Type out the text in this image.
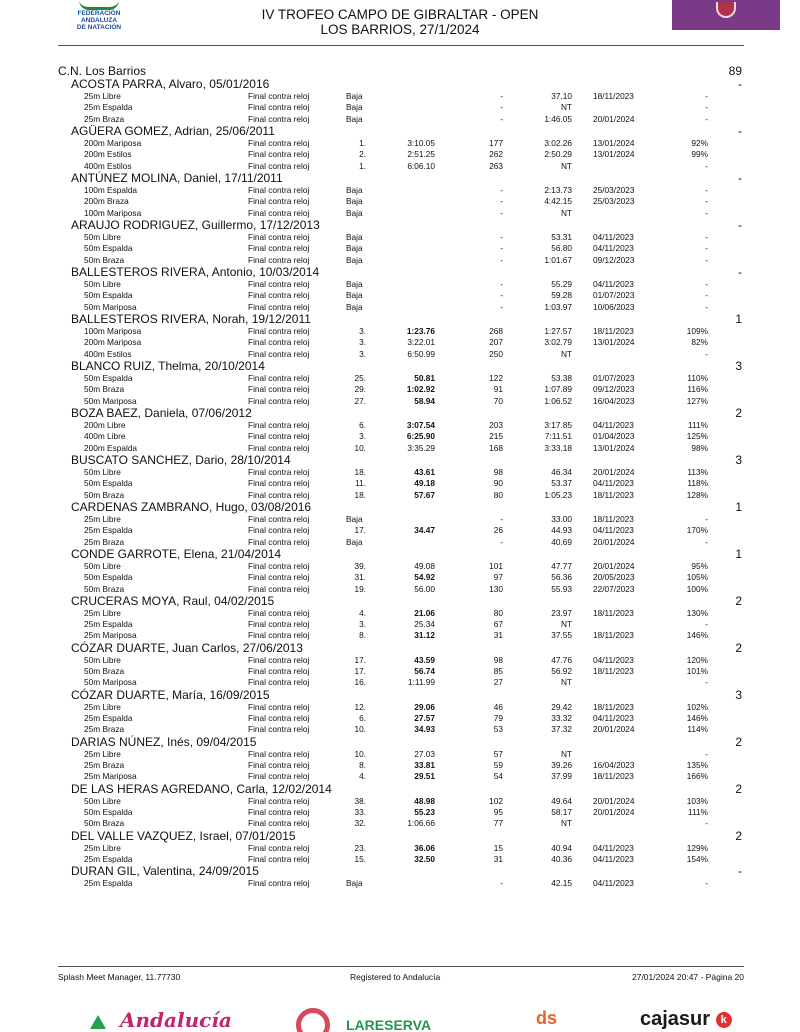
FEDERACIÓN
ANDALUZA
DE NATACIÓN
IV TROFEO CAMPO DE GIBRALTAR - OPEN
LOS BARRIOS, 27/1/2024
C.N. Los Barrios	89
ACOSTA PARRA, Alvaro, 05/01/2016	-
25m Libre	Final contra reloj	Baja	-	37.10	18/11/2023	-
25m Espalda	Final contra reloj	Baja	-	NT	-
25m Braza	Final contra reloj	Baja	-	1:46.05	20/01/2024	-
AGÜERA GOMEZ, Adrian, 25/06/2011	-
200m Mariposa	Final contra reloj	1.	3:10.05	177	3:02.26	13/01/2024	92%
200m Estilos	Final contra reloj	2.	2:51.25	262	2:50.29	13/01/2024	99%
400m Estilos	Final contra reloj	1.	6:06.10	263	NT	-
ANTÚNEZ MOLINA, Daniel, 17/11/2011	-
100m Espalda	Final contra reloj	Baja	-	2:13.73	25/03/2023	-
200m Braza	Final contra reloj	Baja	-	4:42.15	25/03/2023	-
100m Mariposa	Final contra reloj	Baja	-	NT	-
ARAUJO RODRIGUEZ, Guillermo, 17/12/2013	-
50m Libre	Final contra reloj	Baja	-	53.31	04/11/2023	-
50m Espalda	Final contra reloj	Baja	-	56.80	04/11/2023	-
50m Braza	Final contra reloj	Baja	-	1:01.67	09/12/2023	-
BALLESTEROS RIVERA, Antonio, 10/03/2014	-
50m Libre	Final contra reloj	Baja	-	55.29	04/11/2023	-
50m Espalda	Final contra reloj	Baja	-	59.28	01/07/2023	-
50m Mariposa	Final contra reloj	Baja	-	1:03.97	10/06/2023	-
BALLESTEROS RIVERA, Norah, 19/12/2011	1
100m Mariposa	Final contra reloj	3.	1:23.76	268	1:27.57	18/11/2023	109%
200m Mariposa	Final contra reloj	3.	3:22.01	207	3:02.79	13/01/2024	82%
400m Estilos	Final contra reloj	3.	6:50.99	250	NT	-
BLANCO RUIZ, Thelma, 20/10/2014	3
50m Espalda	Final contra reloj	25.	50.81	122	53.38	01/07/2023	110%
50m Braza	Final contra reloj	29.	1:02.92	91	1:07.89	09/12/2023	116%
50m Mariposa	Final contra reloj	27.	58.94	70	1:06.52	16/04/2023	127%
BOZA BAEZ, Daniela, 07/06/2012	2
200m Libre	Final contra reloj	6.	3:07.54	203	3:17.85	04/11/2023	111%
400m Libre	Final contra reloj	3.	6:25.90	215	7:11.51	01/04/2023	125%
200m Espalda	Final contra reloj	10.	3:35.29	168	3:33.18	13/01/2024	98%
BUSCATO SANCHEZ, Dario, 28/10/2014	3
50m Libre	Final contra reloj	18.	43.61	98	46.34	20/01/2024	113%
50m Espalda	Final contra reloj	11.	49.18	90	53.37	04/11/2023	118%
50m Braza	Final contra reloj	18.	57.67	80	1:05.23	18/11/2023	128%
CARDENAS ZAMBRANO, Hugo, 03/08/2016	1
25m Libre	Final contra reloj	Baja	-	33.00	18/11/2023	-
25m Espalda	Final contra reloj	17.	34.47	26	44.93	04/11/2023	170%
25m Braza	Final contra reloj	Baja	-	40.69	20/01/2024	-
CONDE GARROTE, Elena, 21/04/2014	1
50m Libre	Final contra reloj	39.	49.08	101	47.77	20/01/2024	95%
50m Espalda	Final contra reloj	31.	54.92	97	56.36	20/05/2023	105%
50m Braza	Final contra reloj	19.	56.00	130	55.93	22/07/2023	100%
CRUCERAS MOYA, Raul, 04/02/2015	2
25m Libre	Final contra reloj	4.	21.06	80	23.97	18/11/2023	130%
25m Espalda	Final contra reloj	3.	25.34	67	NT	-
25m Mariposa	Final contra reloj	8.	31.12	31	37.55	18/11/2023	146%
CÓZAR DUARTE, Juan Carlos, 27/06/2013	2
50m Libre	Final contra reloj	17.	43.59	98	47.76	04/11/2023	120%
50m Braza	Final contra reloj	17.	56.74	85	56.92	18/11/2023	101%
50m Mariposa	Final contra reloj	16.	1:11.99	27	NT	-
CÓZAR DUARTE, María, 16/09/2015	3
25m Libre	Final contra reloj	12.	29.06	46	29.42	18/11/2023	102%
25m Espalda	Final contra reloj	6.	27.57	79	33.32	04/11/2023	146%
25m Braza	Final contra reloj	10.	34.93	53	37.32	20/01/2024	114%
DARIAS NÚNEZ, Inés, 09/04/2015	2
25m Libre	Final contra reloj	10.	27.03	57	NT	-
25m Braza	Final contra reloj	8.	33.81	59	39.26	16/04/2023	135%
25m Mariposa	Final contra reloj	4.	29.51	54	37.99	18/11/2023	166%
DE LAS HERAS AGREDANO, Carla, 12/02/2014	2
50m Libre	Final contra reloj	38.	48.98	102	49.64	20/01/2024	103%
50m Espalda	Final contra reloj	33.	55.23	95	58.17	20/01/2024	111%
50m Braza	Final contra reloj	32.	1:06.66	77	NT	-
DEL VALLE VAZQUEZ, Israel, 07/01/2015	2
25m Libre	Final contra reloj	23.	36.06	15	40.94	04/11/2023	129%
25m Espalda	Final contra reloj	15.	32.50	31	40.36	04/11/2023	154%
DURAN GIL, Valentina, 24/09/2015	-
25m Espalda	Final contra reloj	Baja	-	42.15	04/11/2023	-
Splash Meet Manager, 11.77730	Registered to Andalucía	27/01/2024 20:47 - Página 20
Andalucía	LARESERVA	ds	cajasur k
